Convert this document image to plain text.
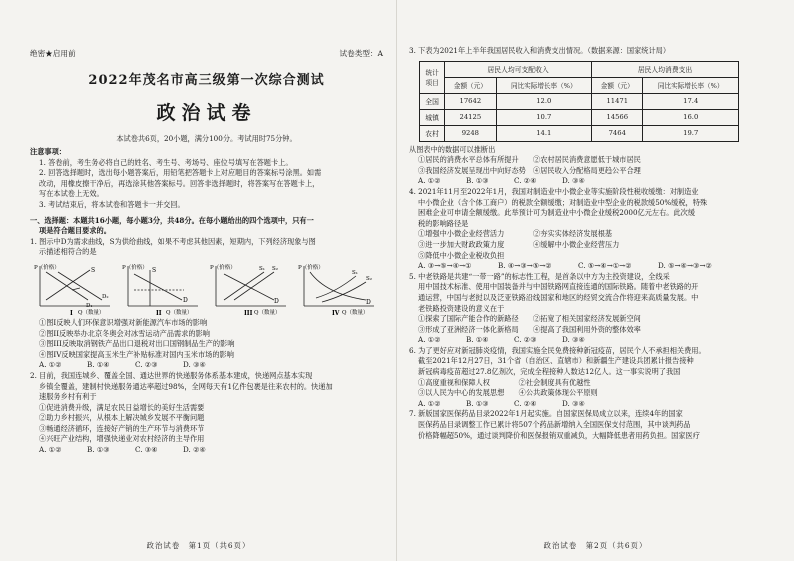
绝密★启用前	试卷类型：A
2022年茂名市高三级第一次综合测试
政治试卷
本试卷共6页，20小题，满分100分。考试用时75分钟。
注意事项：
1. 答卷前，考生务必将自己的姓名、考生号、考场号、座位号填写在答题卡上。
2. 回答选择题时，选出每小题答案后，用铅笔把答题卡上对应题目的答案标号涂黑。如需
改动，用橡皮擦干净后，再选涂其他答案标号。回答非选择题时，将答案写在答题卡上，
写在本试卷上无效。
3. 考试结束后，将本试卷和答题卡一并交回。
一、选择题：本题共16小题，每小题3分，共48分。在每小题给出的四个选项中，只有一
项是符合题目要求的。
1. 图示中D为需求曲线，S为供给曲线，如果不考虑其他因素，短期内，下列经济现象与图
示描述相符合的是
P（价格）
Q（数量）
S
D₁
D₂
I
P（价格）
Q（数量）
S
D
II
P（价格）
Q（数量）
S₁ S₂
D
III
P（价格）
Q（数量）
S₁
S₂
D
IV
①图I反映人们环保意识增强对新能源汽车市场的影响
②图II反映举办北京冬奥会对冰雪运动产品需求的影响
③图III反映取消钢铁产品出口退税对出口国钢制品生产的影响
④图IV反映国家提高玉米生产补贴标准对国内玉米市场的影响
A. ①②	B. ①④	C. ②③	D. ③④
2. 目前，我国连城乡、覆盖全国、通达世界的快递服务体系基本建成，快递网点基本实现
乡镇全覆盖，建制村快递服务通达率超过98%，全网每天有1亿件包裹是往来农村的。快递加
速服务乡村有利于
①促进消费升级，满足农民日益增长的美好生活需要
②助力乡村振兴，从根本上解决城乡发展不平衡问题
③畅通经济循环，连接好产销的生产环节与消费环节
④兴旺产业结构，增强快递业对农村经济的主导作用
A. ①②	B. ①③	C. ③④	D. ②④
政治试卷　第1页（共6页）
3. 下表为2021年上半年我国居民收入和消费支出情况。（数据来源：国家统计局）
统计
项目	居民人均可支配收入		居民人均消费支出	
	金额（元）	同比实际增长率（%）	金额（元）	同比实际增长率（%）
全国	17642	12.0	11471	17.4
城镇	24125	10.7	14566	16.0
农村	9248	14.1	7464	19.7
从图表中的数据可以推断出
①居民的消费水平总体有所提升　　②农村居民消费意愿低于城市居民
③我国经济发展呈现出中向好态势　④居民收入分配格局更趋公平合理
A. ①②	B. ①③	C. ②④	D. ③④
4. 2021年11月至2022年1月，我国对制造业中小微企业等实施阶段性税收缓缴：对制造业
中小微企业（含个体工商户）的税款全额缓缴；对制造业中型企业的税款缓50%缓税，特殊
困难企业可申请全额缓缴。此举预计可为制造业中小微企业缓税2000亿元左右。此次缓
税的影响路径是
①增强中小微企业经营活力　　　　②夯实实体经济发展根基
③进一步加大财政政策力度　　　　④缓解中小微企业经营压力
⑤降低中小微企业税收负担
A. ③→⑤→④→①	B. ④→③→⑤→②	C. ⑤→④→①→②	D. ⑤→④→③→②
5. 中老铁路是共建“一带一路”的标志性工程，是首条以中方为主投资建设，全线采
用中国技术标准、使用中国装备并与中国铁路网直接连通的国际铁路。随着中老铁路的开
通运营，中国与老挝以及泛亚铁路沿线国家和地区的经贸交流合作将迎来高质量发展。中
老铁路投资建设的意义在于
①探索了国际产能合作的新路径　　②拓宽了相关国家经济发展新空间
③形成了亚洲经济一体化新格局　　④提高了我国利用外资的整体效率
A. ①②	B. ①④	C. ②③	D. ③④
6. 为了更好应对新冠肺炎疫情，我国实施全民免费接种新冠疫苗，居民个人不承担相关费用。
截至2021年12月27日，31个省（自治区、直辖市）和新疆生产建设兵团累计报告接种
新冠病毒疫苗超过27.8亿剂次，完成全程接种人数达12亿人。这一事实说明了我国
①高度重视和保障人权　　　　②社会制度具有优越性
③以人民为中心的发展思想　　④公共政策体现公平原则
A. ①②	B. ①③	C. ②④	D. ③④
7. 新版国家医保药品目录2022年1月起实施。自国家医保局成立以来，连续4年的国家
医保药品目录调整工作已累计将507个药品新增纳入全国医保支付范围，其中谈判药品
价格降幅超50%，通过谈判降价和医保报销双重减负，大幅降低患者用药负担。国家医疗
政治试卷　第2页（共6页）
